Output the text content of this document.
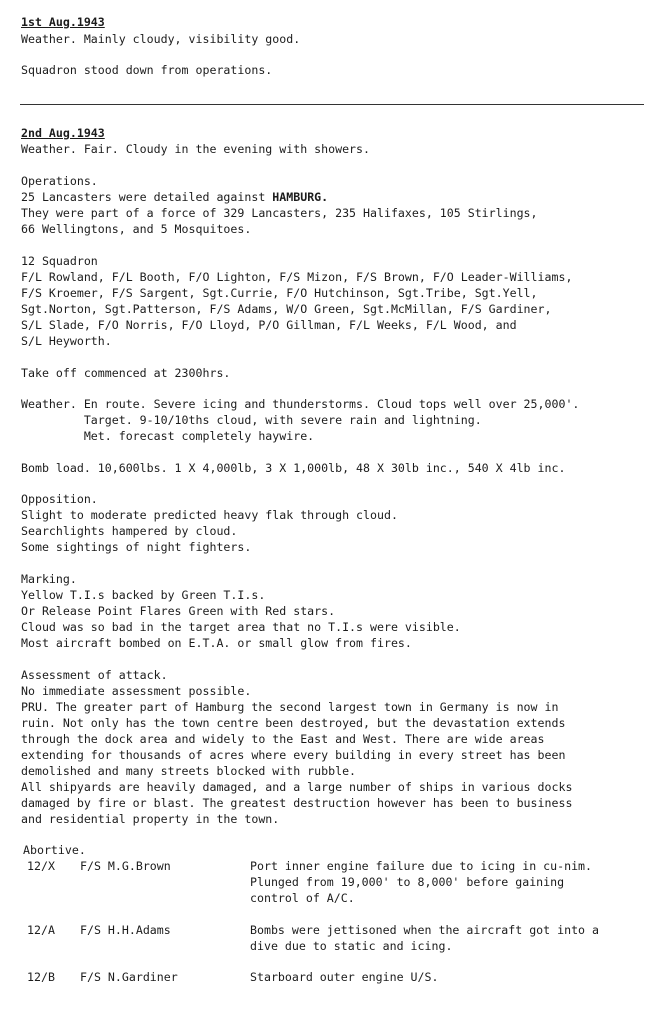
1st Aug.1943
Weather. Mainly cloudy, visibility good.
Squadron stood down from operations.
2nd Aug.1943
Weather. Fair. Cloudy in the evening with showers.
Operations.
25 Lancasters were detailed against HAMBURG.
They were part of a force of 329 Lancasters, 235 Halifaxes, 105 Stirlings,
66 Wellingtons, and 5 Mosquitoes.
12 Squadron
F/L Rowland, F/L Booth, F/O Lighton, F/S Mizon, F/S Brown, F/O Leader-Williams,
F/S Kroemer, F/S Sargent, Sgt.Currie, F/O Hutchinson, Sgt.Tribe, Sgt.Yell,
Sgt.Norton, Sgt.Patterson, F/S Adams, W/O Green, Sgt.McMillan, F/S Gardiner,
S/L Slade, F/O Norris, F/O Lloyd, P/O Gillman, F/L Weeks, F/L Wood, and
S/L Heyworth.
Take off commenced at 2300hrs.
Weather. En route. Severe icing and thunderstorms. Cloud tops well over 25,000'.
Target. 9-10/10ths cloud, with severe rain and lightning.
Met. forecast completely haywire.
Bomb load. 10,600lbs. 1 X 4,000lb, 3 X 1,000lb, 48 X 30lb inc., 540 X 4lb inc.
Opposition.
Slight to moderate predicted heavy flak through cloud.
Searchlights hampered by cloud.
Some sightings of night fighters.
Marking.
Yellow T.I.s backed by Green T.I.s.
Or Release Point Flares Green with Red stars.
Cloud was so bad in the target area that no T.I.s were visible.
Most aircraft bombed on E.T.A. or small glow from fires.
Assessment of attack.
No immediate assessment possible.
PRU. The greater part of Hamburg the second largest town in Germany is now in
ruin. Not only has the town centre been destroyed, but the devastation extends
through the dock area and widely to the East and West. There are wide areas
extending for thousands of acres where every building in every street has been
demolished and many streets blocked with rubble.
All shipyards are heavily damaged, and a large number of ships in various docks
damaged by fire or blast. The greatest destruction however has been to business
and residential property in the town.
Abortive.
12/X F/S M.G.Brown	Port inner engine failure due to icing in cu-nim.
Plunged from 19,000' to 8,000' before gaining
control of A/C.
12/A F/S H.H.Adams	Bombs were jettisoned when the aircraft got into a
dive due to static and icing.
12/B F/S N.Gardiner	Starboard outer engine U/S.
